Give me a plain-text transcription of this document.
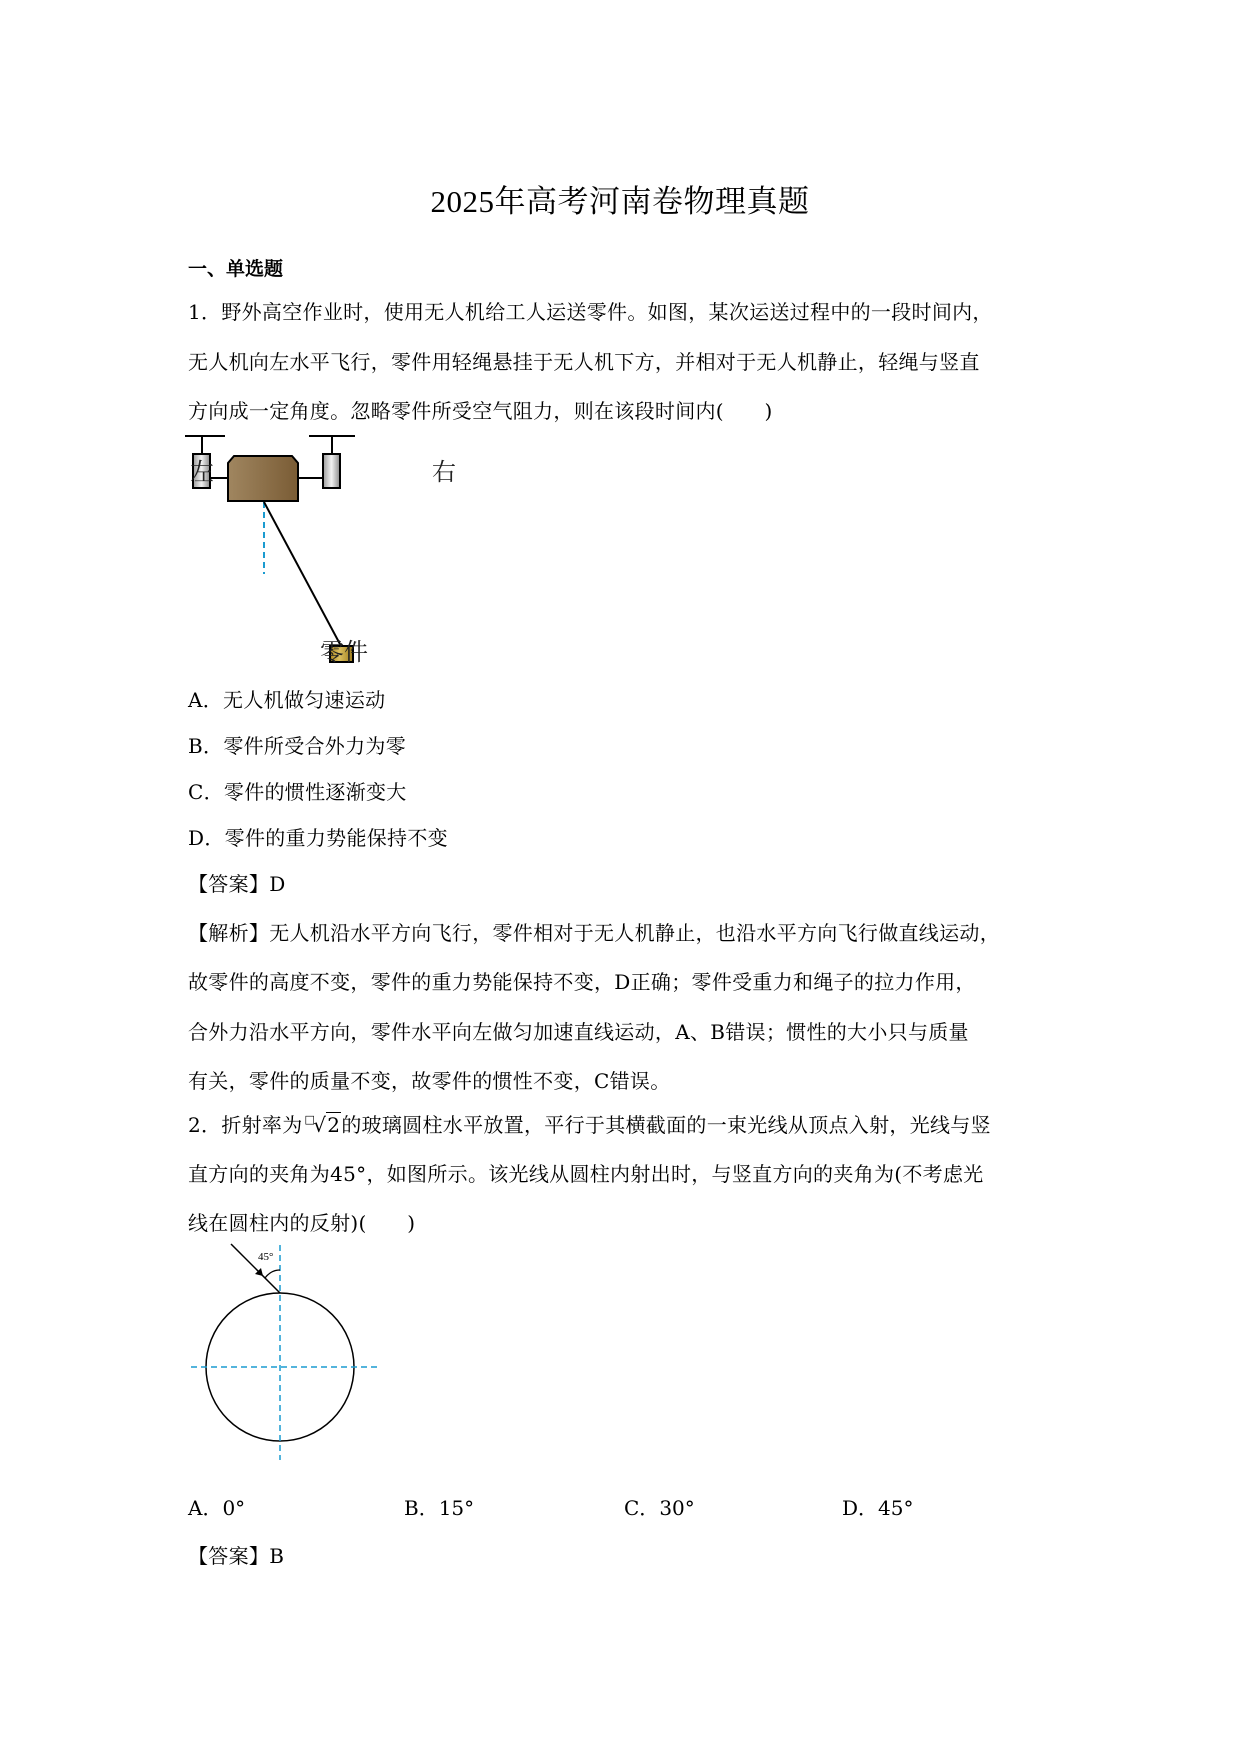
2025年高考河南卷物理真题
一、单选题
1．野外高空作业时，使用无人机给工人运送零件。如图，某次运送过程中的一段时间内，
无人机向左水平飞行，零件用轻绳悬挂于无人机下方，并相对于无人机静止，轻绳与竖直
方向成一定角度。忽略零件所受空气阻力，则在该段时间内(　　)
左	右
零件
A．无人机做匀速运动
B．零件所受合外力为零
C．零件的惯性逐渐变大
D．零件的重力势能保持不变
【答案】D
【解析】无人机沿水平方向飞行，零件相对于无人机静止，也沿水平方向飞行做直线运动，
故零件的高度不变，零件的重力势能保持不变，D正确；零件受重力和绳子的拉力作用，
合外力沿水平方向，零件水平向左做匀加速直线运动，A、B错误；惯性的大小只与质量
有关，零件的质量不变，故零件的惯性不变，C错误。
2．折射率为 □√2的玻璃圆柱水平放置，平行于其横截面的一束光线从顶点入射，光线与竖
直方向的夹角为45°，如图所示。该光线从圆柱内射出时，与竖直方向的夹角为(不考虑光
线在圆柱内的反射)(　　)
45°
A．0°	B．15°	C．30°	D．45°
【答案】B
